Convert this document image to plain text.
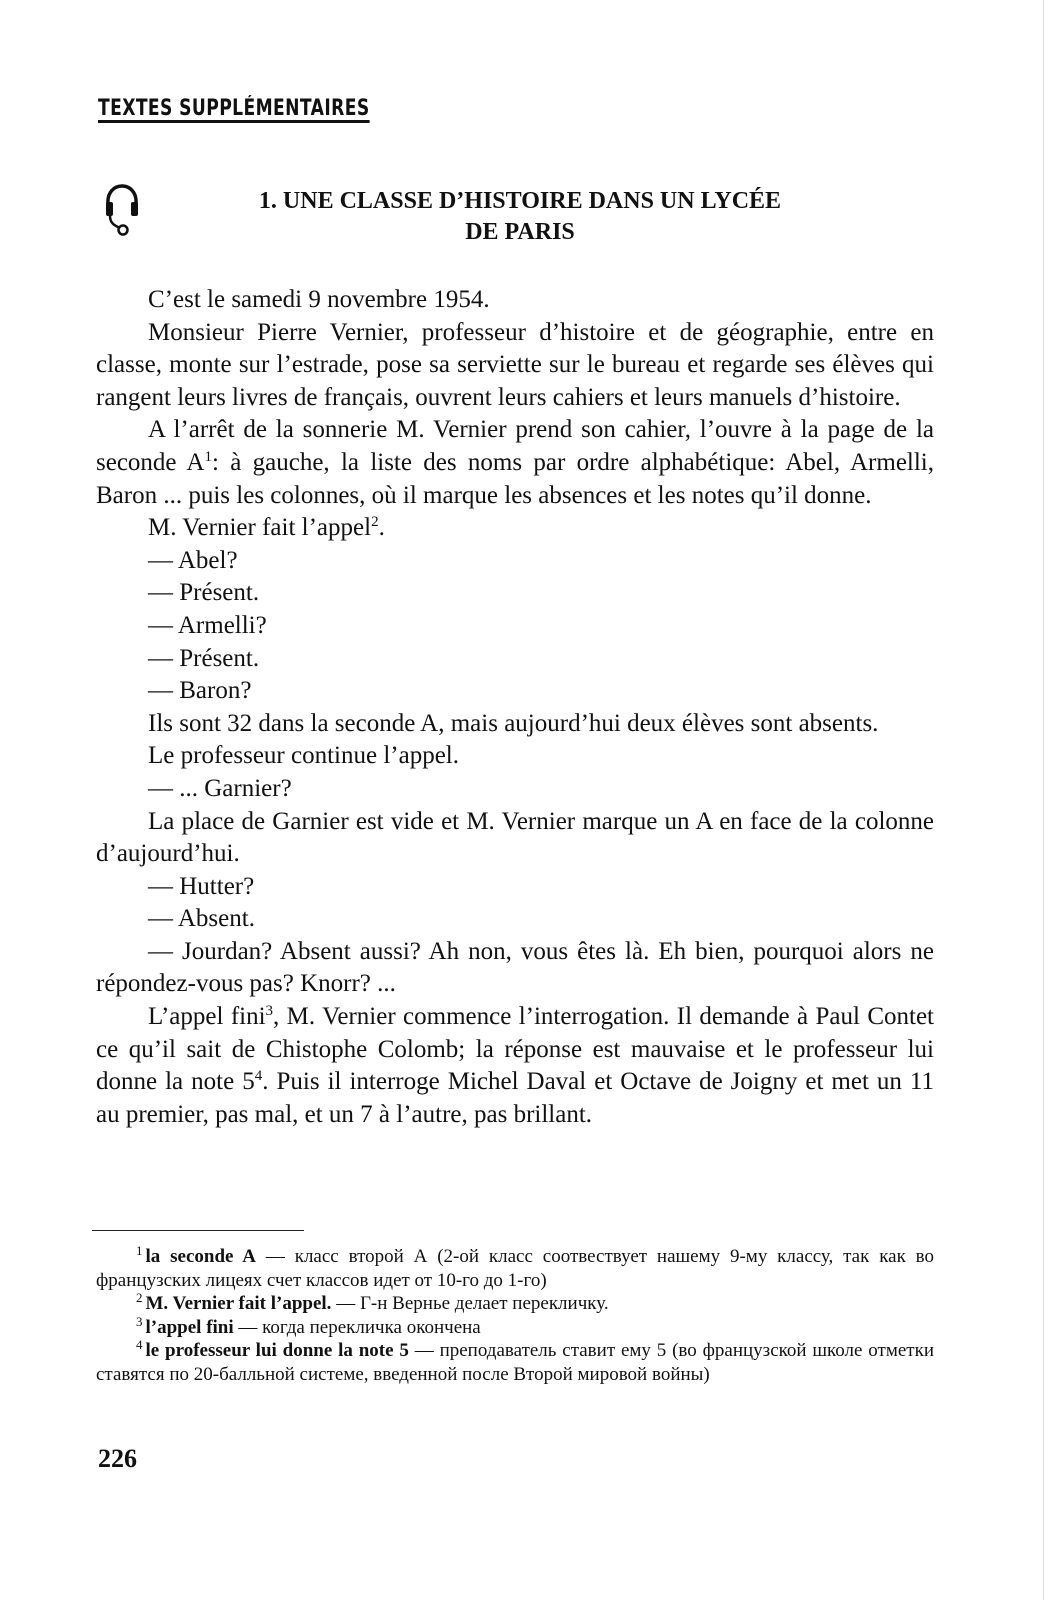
TEXTES SUPPLÉMENTAIRES
1. UNE CLASSE D’HISTOIRE DANS UN LYCÉE
DE PARIS

C’est le samedi 9 novembre 1954.

Monsieur Pierre Vernier, professeur d’histoire et de géographie, entre en classe, monte sur l’estrade, pose sa serviette sur le bureau et regarde ses élèves qui rangent leurs livres de français, ouvrent leurs cahiers et leurs manuels d’histoire.

A l’arrêt de la sonnerie M. Vernier prend son cahier, l’ouvre à la page de la seconde $A^1$: à gauche, la liste des noms par ordre alphabétique: Abel, Armelli, Baron ... puis les colonnes, où il marque les absences et les notes qu’il donne.

M. Vernier fait l’appel$^2$.

— Abel?

— Présent.

— Armelli?

— Présent.

— Baron?

Ils sont 32 dans la seconde A, mais aujourd’hui deux élèves sont absents.

Le professeur continue l’appel.

— ... Garnier?

La place de Garnier est vide et M. Vernier marque un A en face de la colonne d’aujourd’hui.

— Hutter?

— Absent.

— Jourdan? Absent aussi? Ah non, vous êtes là. Eh bien, pourquoi alors ne répondez-vous pas? Knorr? ...

L’appel fini$^3$, M. Vernier commence l’interrogation. Il demande à Paul Contet ce qu’il sait de Chistophe Colomb; la réponse est mauvaise et le professeur lui donne la note $5^4$. Puis il interroge Michel Daval et Octave de Joigny et met un 11 au premier, pas mal, et un 7 à l’autre, pas brillant.

$^1$ la seconde A — класс второй А (2-ой класс соотвествует нашему 9-му классу, так как во французских лицеях счет классов идет от 10-го до 1-го)

$^2$ M. Vernier fait l’appel. — Г-н Вернье делает перекличку.

$^3$ l’appel fini — когда перекличка окончена

$^4$ le professeur lui donne la note 5 — преподаватель ставит ему 5 (во французской школе отметки ставятся по 20-балльной системе, введенной после Второй мировой войны)

226
